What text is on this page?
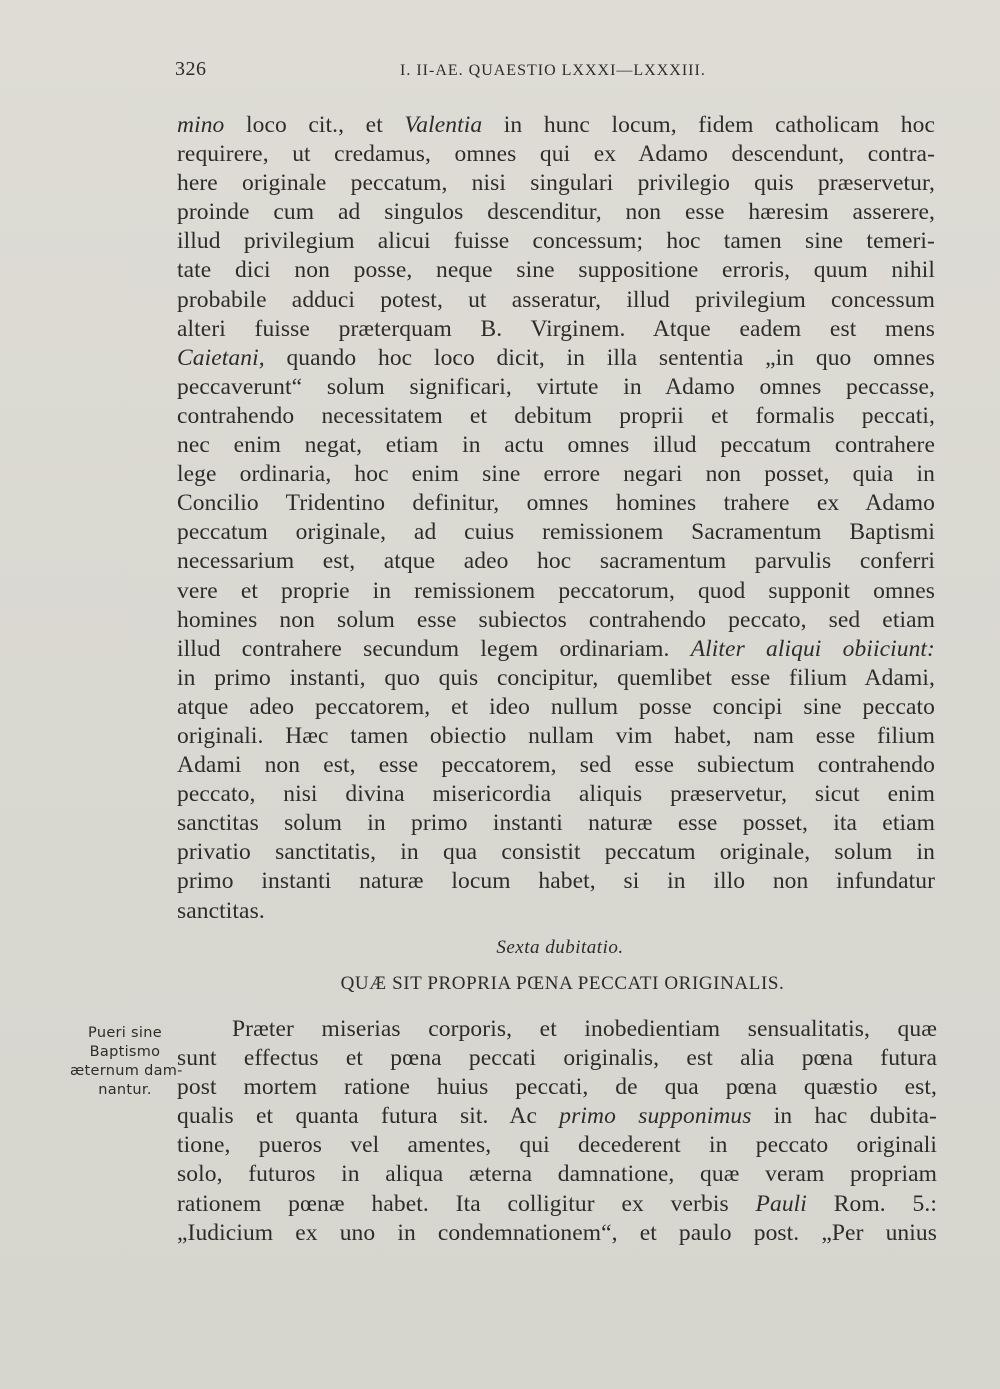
326	I. II-AE. QUAESTIO LXXXI—LXXXIII.
mino loco cit., et Valentia in hunc locum, fidem catholicam hoc
requirere, ut credamus, omnes qui ex Adamo descendunt, contra-
here originale peccatum, nisi singulari privilegio quis præservetur,
proinde cum ad singulos descenditur, non esse hæresim asserere,
illud privilegium alicui fuisse concessum; hoc tamen sine temeri-
tate dici non posse, neque sine suppositione erroris, quum nihil
probabile adduci potest, ut asseratur, illud privilegium concessum
alteri fuisse præterquam B. Virginem. Atque eadem est mens
Caietani, quando hoc loco dicit, in illa sententia „in quo omnes
peccaverunt“ solum significari, virtute in Adamo omnes peccasse,
contrahendo necessitatem et debitum proprii et formalis peccati,
nec enim negat, etiam in actu omnes illud peccatum contrahere
lege ordinaria, hoc enim sine errore negari non posset, quia in
Concilio Tridentino definitur, omnes homines trahere ex Adamo
peccatum originale, ad cuius remissionem Sacramentum Baptismi
necessarium est, atque adeo hoc sacramentum parvulis conferri
vere et proprie in remissionem peccatorum, quod supponit omnes
homines non solum esse subiectos contrahendo peccato, sed etiam
illud contrahere secundum legem ordinariam. Aliter aliqui obiiciunt:
in primo instanti, quo quis concipitur, quemlibet esse filium Adami,
atque adeo peccatorem, et ideo nullum posse concipi sine peccato
originali. Hæc tamen obiectio nullam vim habet, nam esse filium
Adami non est, esse peccatorem, sed esse subiectum contrahendo
peccato, nisi divina misericordia aliquis præservetur, sicut enim
sanctitas solum in primo instanti naturæ esse posset, ita etiam
privatio sanctitatis, in qua consistit peccatum originale, solum in
primo instanti naturæ locum habet, si in illo non infundatur
sanctitas.
Sexta dubitatio.
QUÆ SIT PROPRIA PŒNA PECCATI ORIGINALIS.
Pueri sine
Baptismo
æternum dam-
nantur.
Præter miserias corporis, et inobedientiam sensualitatis, quæ
sunt effectus et pœna peccati originalis, est alia pœna futura
post mortem ratione huius peccati, de qua pœna quæstio est,
qualis et quanta futura sit. Ac primo supponimus in hac dubita-
tione, pueros vel amentes, qui decederent in peccato originali
solo, futuros in aliqua æterna damnatione, quæ veram propriam
rationem pœnæ habet. Ita colligitur ex verbis Pauli Rom. 5.:
„Iudicium ex uno in condemnationem“, et paulo post. „Per unius
